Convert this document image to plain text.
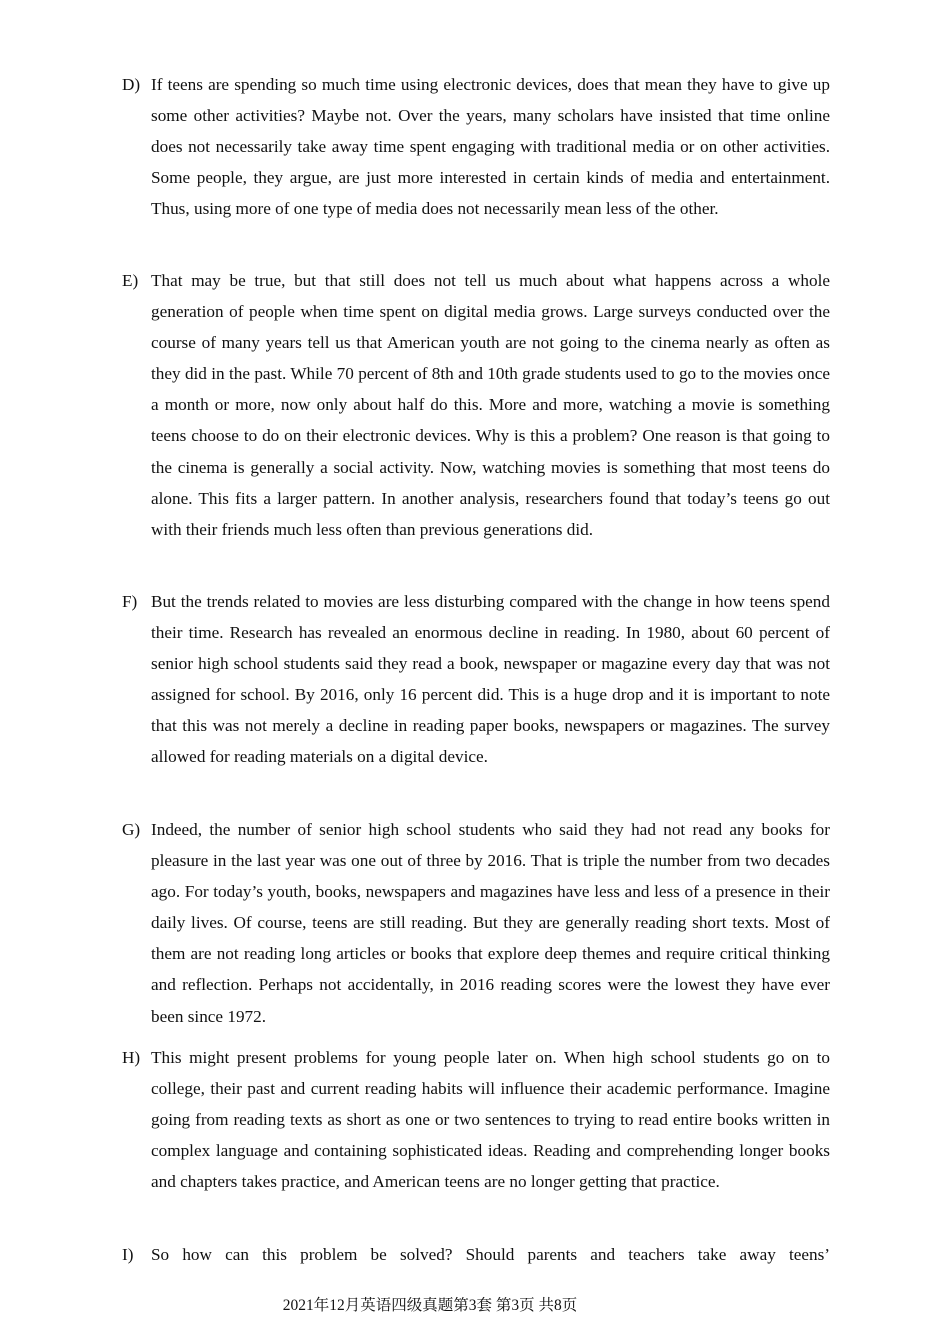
D) If teens are spending so much time using electronic devices, does that mean they have to give up some other activities? Maybe not. Over the years, many scholars have insisted that time online does not necessarily take away time spent engaging with traditional media or on other activities. Some people, they argue, are just more interested in certain kinds of media and entertainment. Thus, using more of one type of media does not necessarily mean less of the other.
E) That may be true, but that still does not tell us much about what happens across a whole generation of people when time spent on digital media grows. Large surveys conducted over the course of many years tell us that American youth are not going to the cinema nearly as often as they did in the past. While 70 percent of 8th and 10th grade students used to go to the movies once a month or more, now only about half do this. More and more, watching a movie is something teens choose to do on their electronic devices. Why is this a problem? One reason is that going to the cinema is generally a social activity. Now, watching movies is something that most teens do alone. This fits a larger pattern. In another analysis, researchers found that today’s teens go out with their friends much less often than previous generations did.
F) But the trends related to movies are less disturbing compared with the change in how teens spend their time. Research has revealed an enormous decline in reading. In 1980, about 60 percent of senior high school students said they read a book, newspaper or magazine every day that was not assigned for school. By 2016, only 16 percent did. This is a huge drop and it is important to note that this was not merely a decline in reading paper books, newspapers or magazines. The survey allowed for reading materials on a digital device.
G) Indeed, the number of senior high school students who said they had not read any books for pleasure in the last year was one out of three by 2016. That is triple the number from two decades ago. For today’s youth, books, newspapers and magazines have less and less of a presence in their daily lives. Of course, teens are still reading. But they are generally reading short texts. Most of them are not reading long articles or books that explore deep themes and require critical thinking and reflection. Perhaps not accidentally, in 2016 reading scores were the lowest they have ever been since 1972.
H) This might present problems for young people later on. When high school students go on to college, their past and current reading habits will influence their academic performance. Imagine going from reading texts as short as one or two sentences to trying to read entire books written in complex language and containing sophisticated ideas. Reading and comprehending longer books and chapters takes practice, and American teens are no longer getting that practice.
I) So how can this problem be solved? Should parents and teachers take away teens’
2021年12月英语四级真题第3套 第3页 共8页
